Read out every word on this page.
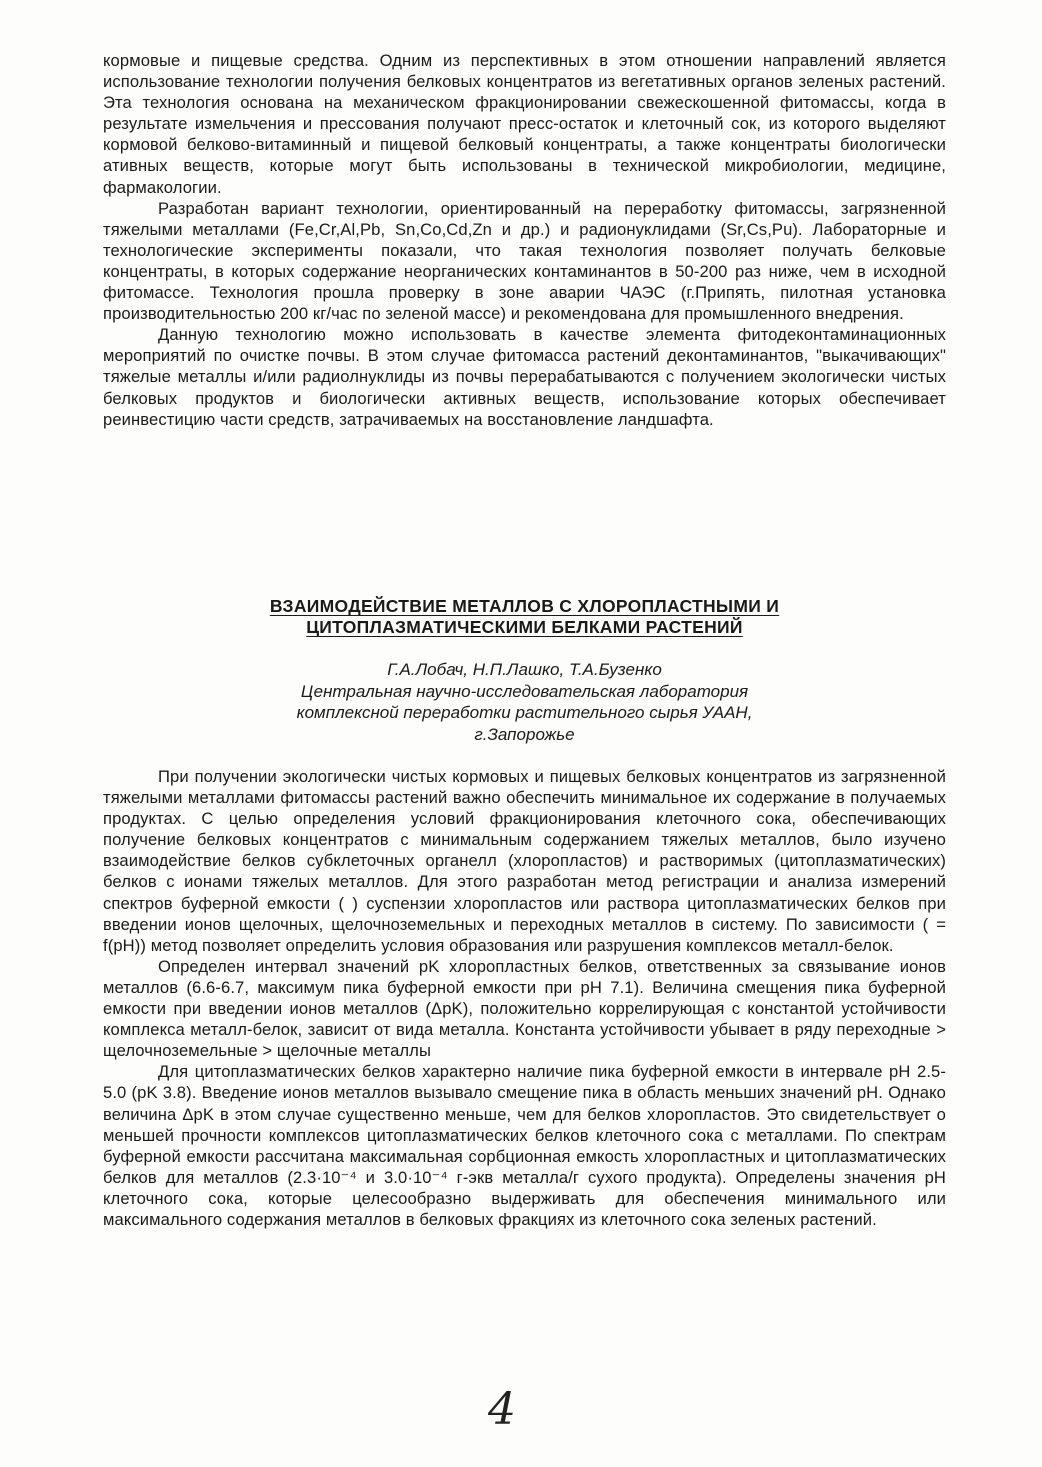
кормовые и пищевые средства. Одним из перспективных в этом отношении направлений является использование технологии получения белковых концентратов из вегетативных органов зеленых растений. Эта технология основана на механическом фракционировании свежескошенной фитомассы, когда в результате измельчения и прессования получают пресс-остаток и клеточный сок, из которого выделяют кормовой белково-витаминный и пищевой белковый концентраты, а также концентраты биологически ативных веществ, которые могут быть использованы в технической микробиологии, медицине, фармакологии.

Разработан вариант технологии, ориентированный на переработку фитомассы, загрязненной тяжелыми металлами (Fe,Cr,Al,Pb, Sn,Co,Cd,Zn и др.) и радионуклидами (Sr,Cs,Pu). Лабораторные и технологические эксперименты показали, что такая технология позволяет получать белковые концентраты, в которых содержание неорганических контаминантов в 50-200 раз ниже, чем в исходной фитомассе. Технология прошла проверку в зоне аварии ЧАЭС (г.Припять, пилотная установка производительностью 200 кг/час по зеленой массе) и рекомендована для промышленного внедрения.

Данную технологию можно использовать в качестве элемента фитодеконтаминационных мероприятий по очистке почвы. В этом случае фитомасса растений деконтаминантов, "выкачивающих" тяжелые металлы и/или радиолнуклиды из почвы перерабатываются с получением экологически чистых белковых продуктов и биологически активных веществ, использование которых обеспечивает реинвестицию части средств, затрачиваемых на восстановление ландшафта.

ВЗАИМОДЕЙСТВИЕ МЕТАЛЛОВ С ХЛОРОПЛАСТНЫМИ И
ЦИТОПЛАЗМАТИЧЕСКИМИ БЕЛКАМИ РАСТЕНИЙ
Г.А.Лобач, Н.П.Лашко, Т.А.Бузенко
Центральная научно-исследовательская лаборатория
комплексной переработки растительного сырья УААН,
г.Запорожье

При получении экологически чистых кормовых и пищевых белковых концентратов из загрязненной тяжелыми металлами фитомассы растений важно обеспечить минимальное их содержание в получаемых продуктах. С целью определения условий фракционирования клеточного сока, обеспечивающих получение белковых концентратов с минимальным содержанием тяжелых металлов, было изучено взаимодействие белков субклеточных органелл (хлоропластов) и растворимых (цитоплазматических) белков с ионами тяжелых металлов. Для этого разработан метод регистрации и анализа измерений спектров буферной емкости ( ) суспензии хлоропластов или раствора цитоплазматических белков при введении ионов щелочных, щелочноземельных и переходных металлов в систему. По зависимости ( = f(pH)) метод позволяет определить условия образования или разрушения комплексов металл-белок.

Определен интервал значений pK хлоропластных белков, ответственных за связывание ионов металлов (6.6-6.7, максимум пика буферной емкости при pH 7.1). Величина смещения пика буферной емкости при введении ионов металлов (ΔpK), положительно коррелирующая с константой устойчивости комплекса металл-белок, зависит от вида металла. Константа устойчивости убывает в ряду переходные > щелочноземельные > щелочные металлы

Для цитоплазматических белков характерно наличие пика буферной емкости в интервале pH 2.5-5.0 (pK 3.8). Введение ионов металлов вызывало смещение пика в область меньших значений pH. Однако величина ΔpK в этом случае существенно меньше, чем для белков хлоропластов. Это свидетельствует о меньшей прочности комплексов цитоплазматических белков клеточного сока с металлами. По спектрам буферной емкости рассчитана максимальная сорбционная емкость хлоропластных и цитоплазматических белков для металлов (2.3·10⁻⁴ и 3.0·10⁻⁴ г-экв металла/г сухого продукта). Определены значения pH клеточного сока, которые целесообразно выдерживать для обеспечения минимального или максимального содержания металлов в белковых фракциях из клеточного сока зеленых растений.

4
